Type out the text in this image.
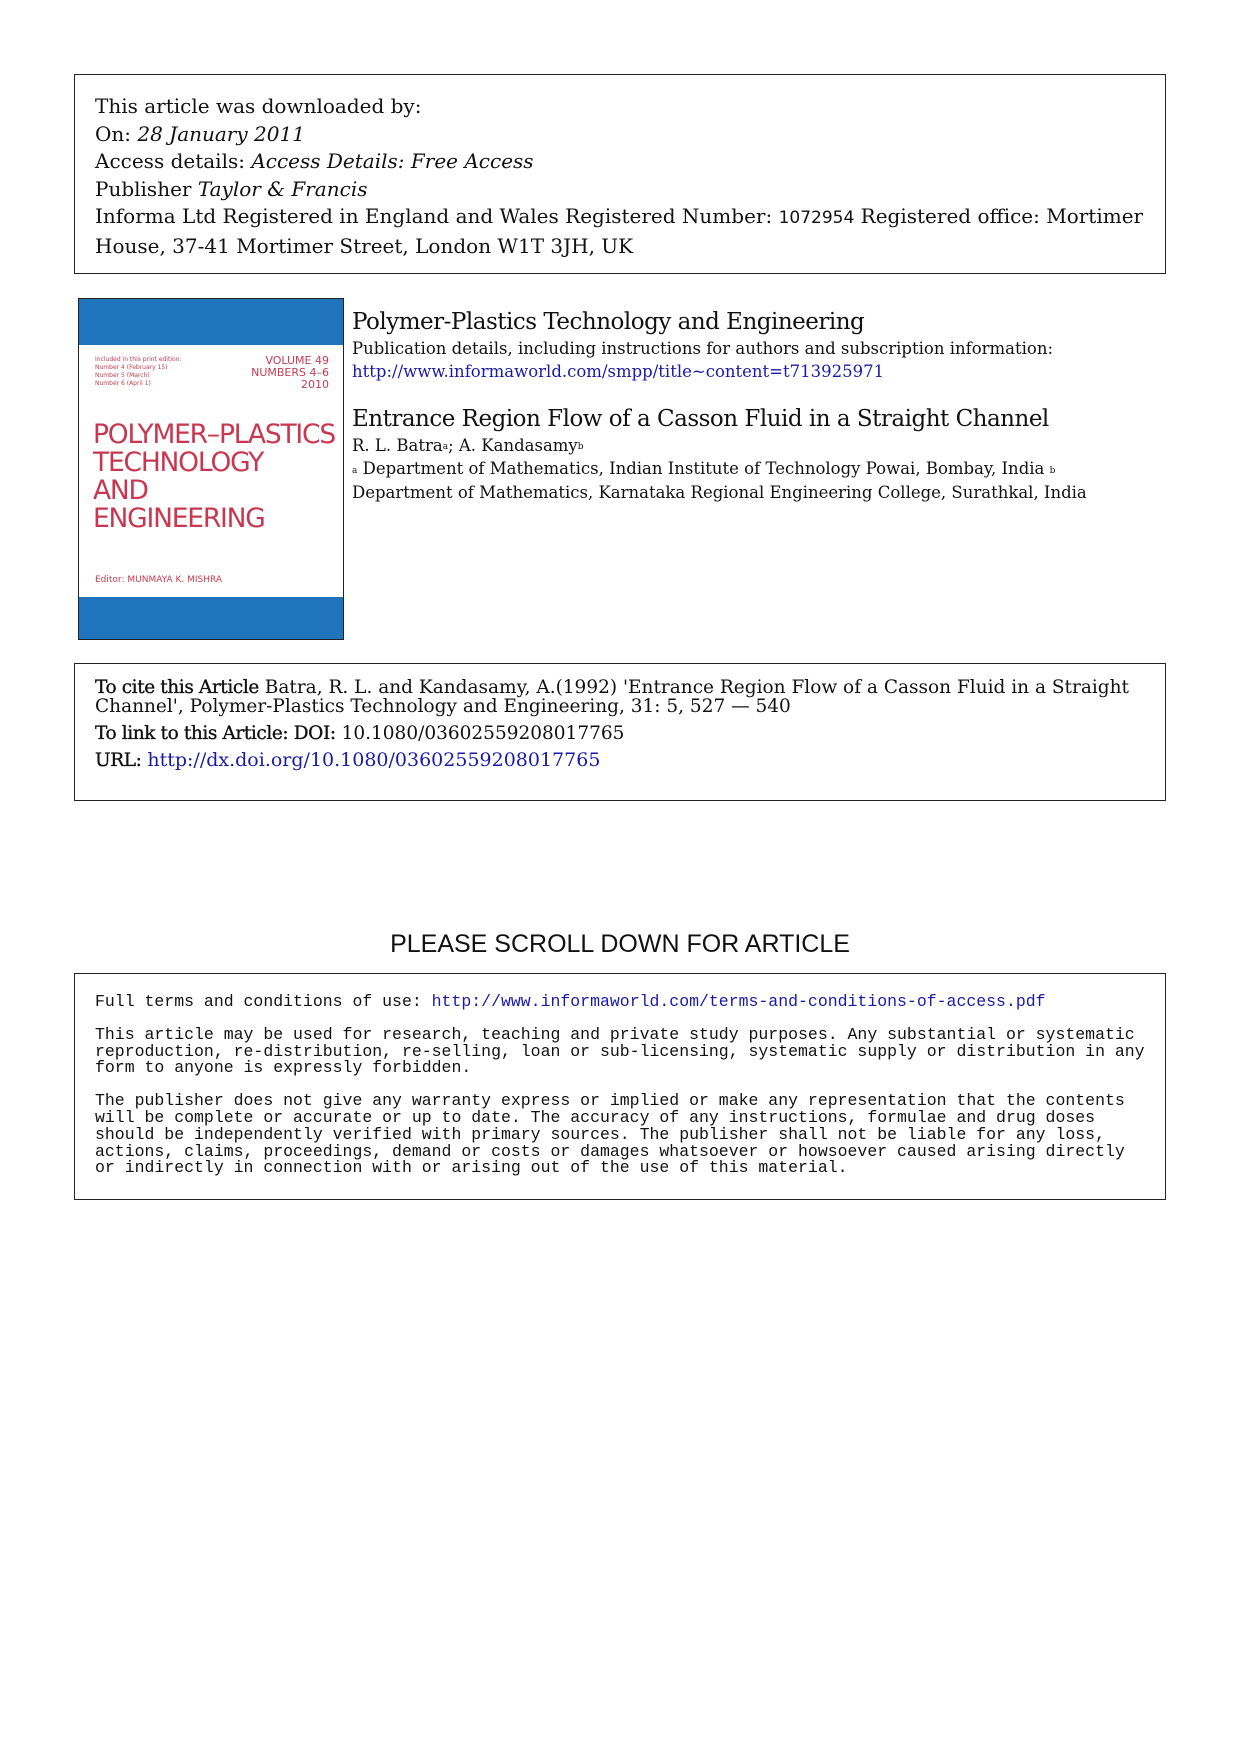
This article was downloaded by:
On: 28 January 2011
Access details: Access Details: Free Access
Publisher Taylor & Francis
Informa Ltd Registered in England and Wales Registered Number: 1072954 Registered office: Mortimer House, 37-41 Mortimer Street, London W1T 3JH, UK
Included in this print edition:
Number 4 (February 15)
Number 5 (March)
Number 6 (April 1)
VOLUME 49
NUMBERS 4–6
2010
POLYMER–PLASTICS
TECHNOLOGY
AND
ENGINEERING
Editor: MUNMAYA K. MISHRA
Polymer-Plastics Technology and Engineering
Publication details, including instructions for authors and subscription information:
http://www.informaworld.com/smpp/title~content=t713925971
Entrance Region Flow of a Casson Fluid in a Straight Channel
R. L. Batra$^a$; A. Kandasamy$^b$
$^a$ Department of Mathematics, Indian Institute of Technology Powai, Bombay, India $^b$ Department of Mathematics, Karnataka Regional Engineering College, Surathkal, India
To cite this Article Batra, R. L. and Kandasamy, A.(1992) 'Entrance Region Flow of a Casson Fluid in a Straight Channel', Polymer-Plastics Technology and Engineering, 31: 5, 527 — 540
To link to this Article: DOI: 10.1080/03602559208017765
URL: http://dx.doi.org/10.1080/03602559208017765
PLEASE SCROLL DOWN FOR ARTICLE

Full terms and conditions of use: http://www.informaworld.com/terms-and-conditions-of-access.pdf

This article may be used for research, teaching and private study purposes. Any substantial or systematic reproduction, re-distribution, re-selling, loan or sub-licensing, systematic supply or distribution in any form to anyone is expressly forbidden.

The publisher does not give any warranty express or implied or make any representation that the contents will be complete or accurate or up to date. The accuracy of any instructions, formulae and drug doses should be independently verified with primary sources. The publisher shall not be liable for any loss, actions, claims, proceedings, demand or costs or damages whatsoever or howsoever caused arising directly or indirectly in connection with or arising out of the use of this material.
